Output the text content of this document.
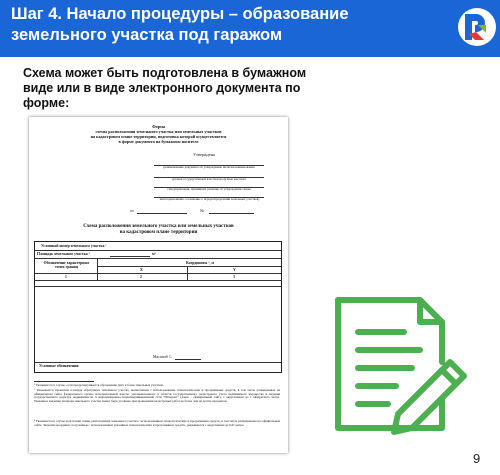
Шаг 4. Начало процедуры – образование земельного участка под гаражом
Схема может быть подготовлена в бумажном виде или в виде электронного документа по форме:
Форма
схемы расположения земельного участка или земельных участков
на кадастровом плане территории, подготовка которой осуществляется
в форме документа на бумажном носителе
Утверждена
(наименование документа об утверждении, включая наименования
органов государственной власти или органов местного
самоуправления, принявших решение об утверждении схемы
или подписавших соглашение о перераспределении земельных участков)
от	№
Схема расположения земельного участка или земельных участков
на кадастровом плане территории
Условный номер земельного участка ¹
Площадь земельного участка ²	м²
Обозначение характерных точек границ
Координаты ³, м
X	Y
1	2	3
Масштаб 1:
Условные обозначения:
¹ Указывается в случае, если предусматривается образование двух и более земельных участков.
² Указывается проектная площадь образуемых земельного участка, вычисленная с использованием технологических и программных средств, в том числе размещенных на официальном сайте федерального органа исполнительной власти, уполномоченного в области государственного кадастрового учета недвижимого имущества и ведения государственного кадастра недвижимости, в информационно-телекоммуникационной сети "Интернет" (далее - официальный сайт), с округлением до 1 квадратного метра. Указанное значение площади земельного участка может быть уточнено при проведении кадастровых работ не более чем на десять процентов.
³ Указывается в случае подготовки схемы расположения земельного участка с использованием технологических и программных средств, в том числе размещенных на официальном сайте. Значение координат, полученные с использованием указанных технологических и программных средств, указываются с округлением до 0,01 метра.
9
